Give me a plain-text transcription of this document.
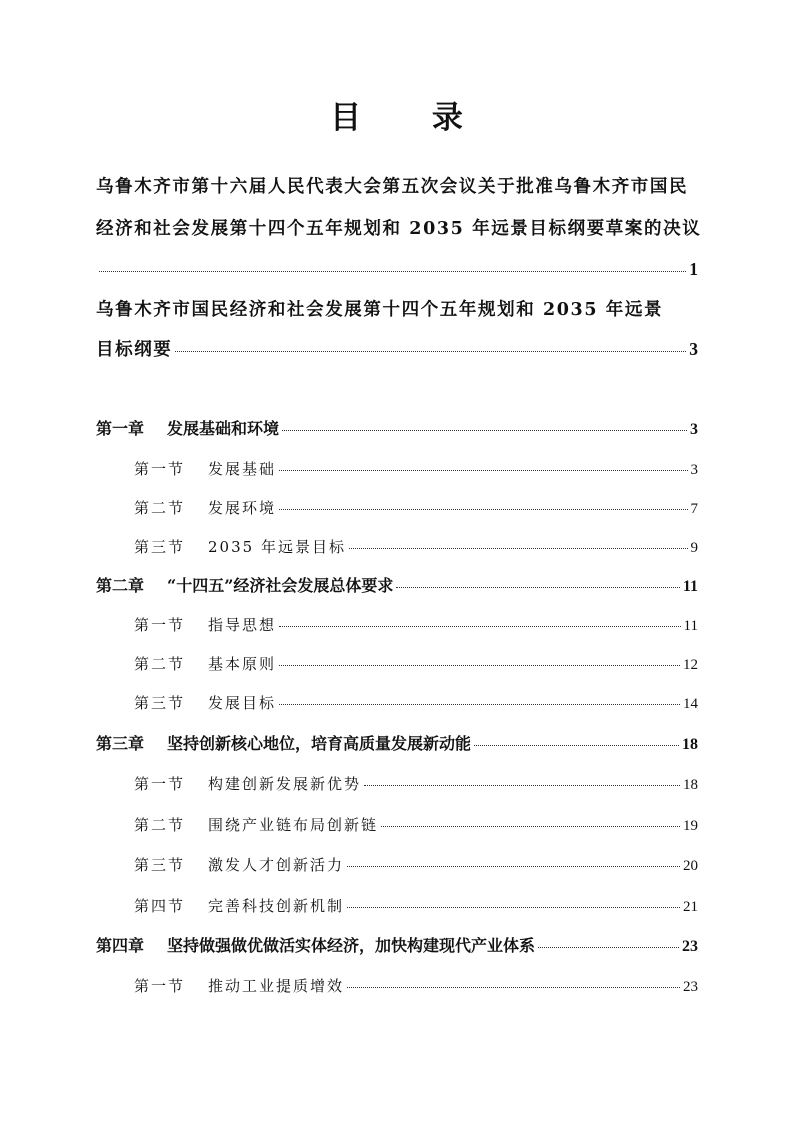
目 录
乌鲁木齐市第十六届人民代表大会第五次会议关于批准乌鲁木齐市国民
经济和社会发展第十四个五年规划和 2035 年远景目标纲要草案的决议
1
乌鲁木齐市国民经济和社会发展第十四个五年规划和 2035 年远景
目标纲要	3
第一章 发展基础和环境	3
第一节 发展基础	3
第二节 发展环境	7
第三节 2035 年远景目标	9
第二章 “十四五”经济社会发展总体要求	11
第一节 指导思想	11
第二节 基本原则	12
第三节 发展目标	14
第三章 坚持创新核心地位，培育高质量发展新动能	18
第一节 构建创新发展新优势	18
第二节 围绕产业链布局创新链	19
第三节 激发人才创新活力	20
第四节 完善科技创新机制	21
第四章 坚持做强做优做活实体经济，加快构建现代产业体系	23
第一节 推动工业提质增效	23
